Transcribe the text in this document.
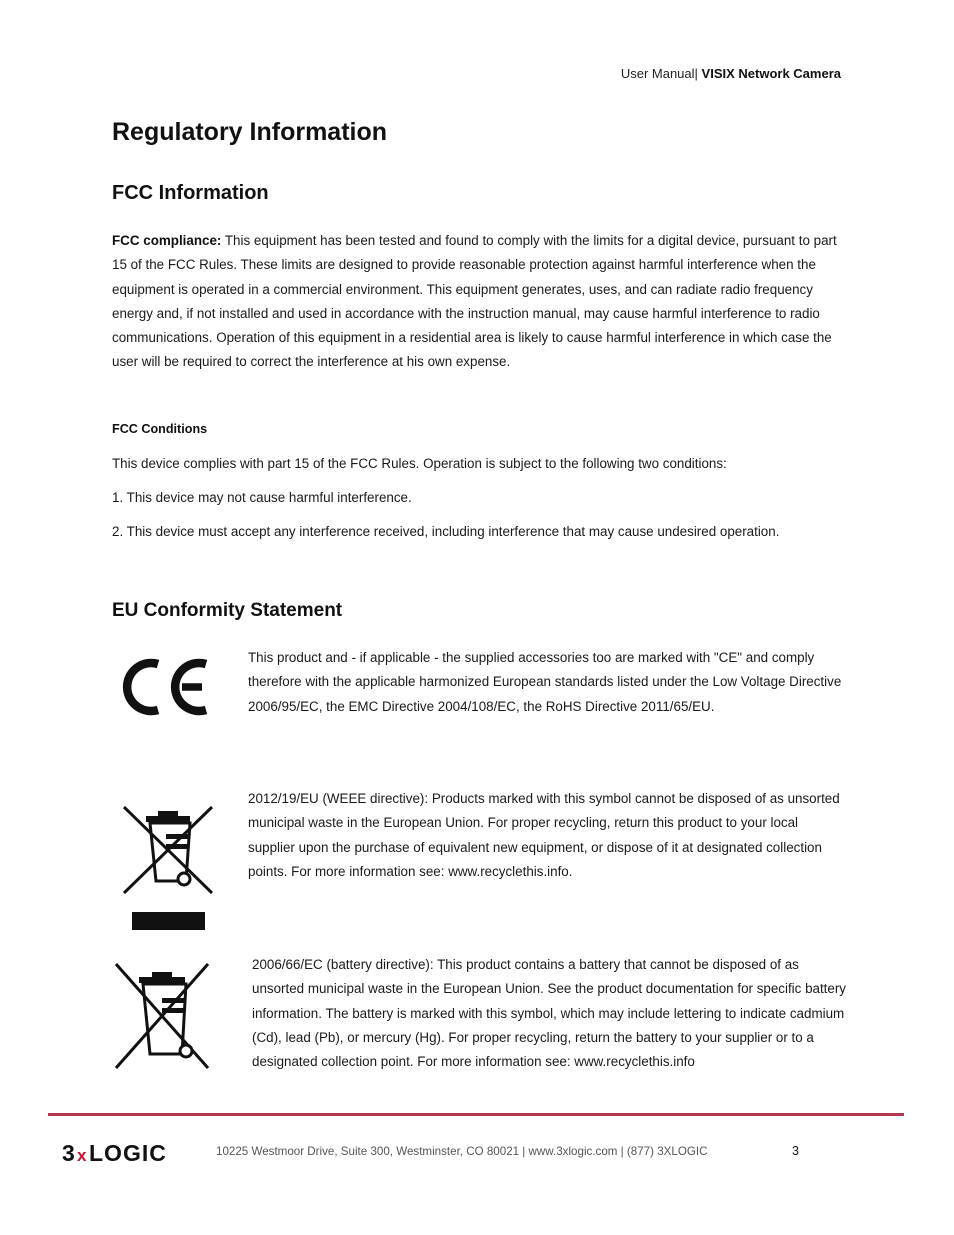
User Manual| VISIX Network Camera
Regulatory Information
FCC Information
FCC compliance: This equipment has been tested and found to comply with the limits for a digital device, pursuant to part 15 of the FCC Rules. These limits are designed to provide reasonable protection against harmful interference when the equipment is operated in a commercial environment. This equipment generates, uses, and can radiate radio frequency energy and, if not installed and used in accordance with the instruction manual, may cause harmful interference to radio communications. Operation of this equipment in a residential area is likely to cause harmful interference in which case the user will be required to correct the interference at his own expense.
FCC Conditions
This device complies with part 15 of the FCC Rules. Operation is subject to the following two conditions:
1. This device may not cause harmful interference.
2. This device must accept any interference received, including interference that may cause undesired operation.
EU Conformity Statement
This product and - if applicable - the supplied accessories too are marked with "CE" and comply therefore with the applicable harmonized European standards listed under the Low Voltage Directive 2006/95/EC, the EMC Directive 2004/108/EC, the RoHS Directive 2011/65/EU.
2012/19/EU (WEEE directive): Products marked with this symbol cannot be disposed of as unsorted municipal waste in the European Union. For proper recycling, return this product to your local supplier upon the purchase of equivalent new equipment, or dispose of it at designated collection points. For more information see: www.recyclethis.info.
2006/66/EC (battery directive): This product contains a battery that cannot be disposed of as unsorted municipal waste in the European Union. See the product documentation for specific battery information. The battery is marked with this symbol, which may include lettering to indicate cadmium (Cd), lead (Pb), or mercury (Hg). For proper recycling, return the battery to your supplier or to a designated collection point. For more information see: www.recyclethis.info
3 x LOGIC	10225 Westmoor Drive, Suite 300, Westminster, CO 80021 | www.3xlogic.com | (877) 3XLOGIC	3
